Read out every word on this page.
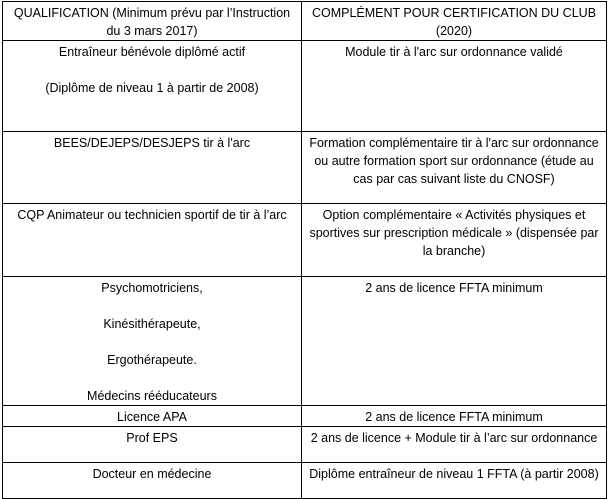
QUALIFICATION (Minimum prévu par l’Instruction du 3 mars 2017)	COMPLÉMENT POUR CERTIFICATION DU CLUB (2020)
Entraîneur bénévole diplômé actif

(Diplôme de niveau 1 à partir de 2008)	Module tir à l'arc sur ordonnance validé
BEES/DEJEPS/DESJEPS tir à l'arc	Formation complémentaire tir à l'arc sur ordonnance ou autre formation sport sur ordonnance (étude au cas par cas suivant liste du CNOSF)
CQP Animateur ou technicien sportif de tir à l’arc	Option complémentaire « Activités physiques et sportives sur prescription médicale » (dispensée par la branche)
Psychomotriciens,

Kinésithérapeute,

Ergothérapeute.

Médecins rééducateurs	2 ans de licence FFTA minimum
Licence APA	2 ans de licence FFTA minimum
Prof EPS	2 ans de licence + Module tir à l’arc sur ordonnance
Docteur en médecine	Diplôme entraîneur de niveau 1 FFTA (à partir 2008)
